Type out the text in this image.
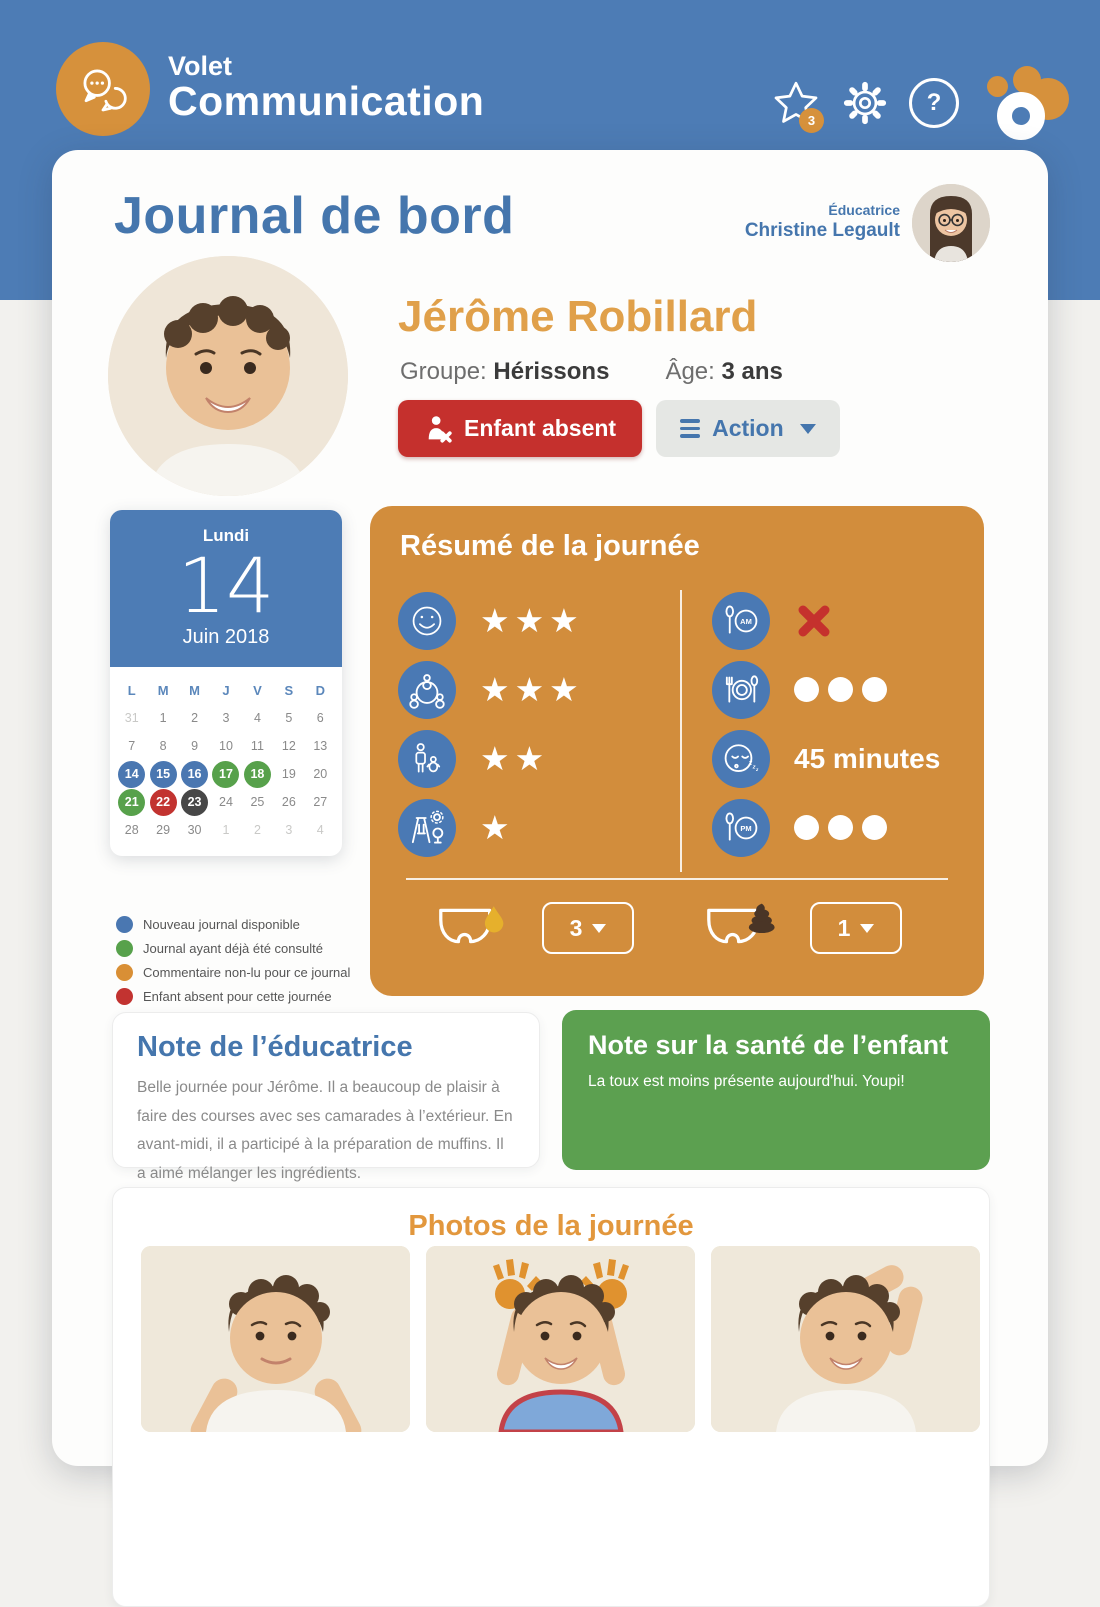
Volet
Communication	3
?
Journal de bord	Éducatrice
Christine Legault
Jérôme Robillard
Groupe: Hérissons Âge: 3 ans
Enfant absent	Action
Lundi
14
Juin 2018
L	M	M	J	V	S	D
31	1	2	3	4	5	6
7	8	9	10	11	12	13
14	15	16	17	18	19	20
21	22	23	24	25	26	27
28	29	30	1	2	3	4
Nouveau journal disponible
Journal ayant déjà été consulté
Commentaire non-lu pour ce journal
Enfant absent pour cette journée
Résumé de la journée
★★★
★★★
★★
★
AM
z
z z 45 minutes
PM
3	1
Note de l’éducatrice

Belle journée pour Jérôme. Il a beaucoup de plaisir à faire des courses avec ses camarades à l’extérieur. En avant-midi, il a participé à la préparation de muffins. Il a aimé mélanger les ingrédients.

Note sur la santé de l’enfant

La toux est moins présente aujourd'hui. Youpi!

Photos de la journée
